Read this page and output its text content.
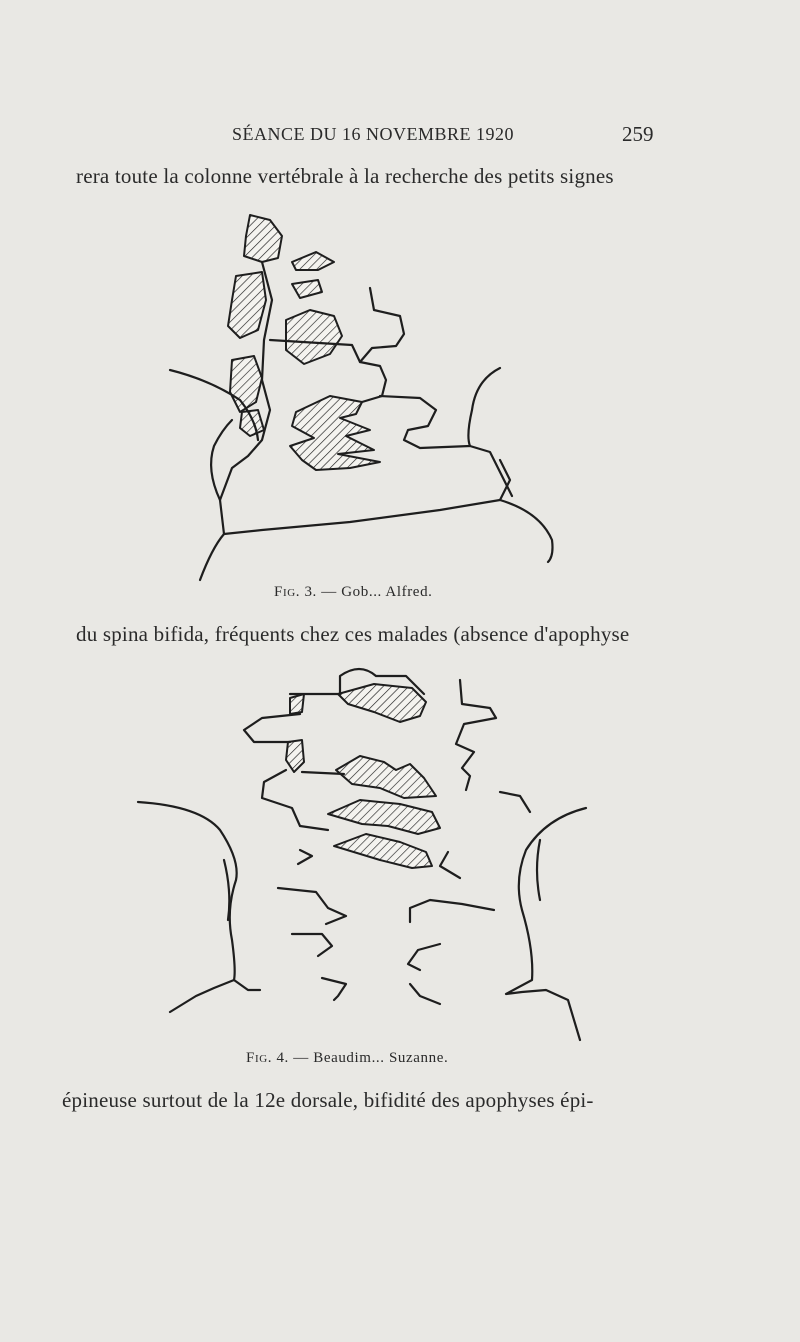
SÉANCE DU 16 NOVEMBRE 1920	259
rera toute la colonne vertébrale à la recherche des petits signes
Fig. 3. — Gob... Alfred.
du spina bifida, fréquents chez ces malades (absence d'apophyse
Fig. 4. — Beaudim... Suzanne.
épineuse surtout de la 12e dorsale, bifidité des apophyses épi-
